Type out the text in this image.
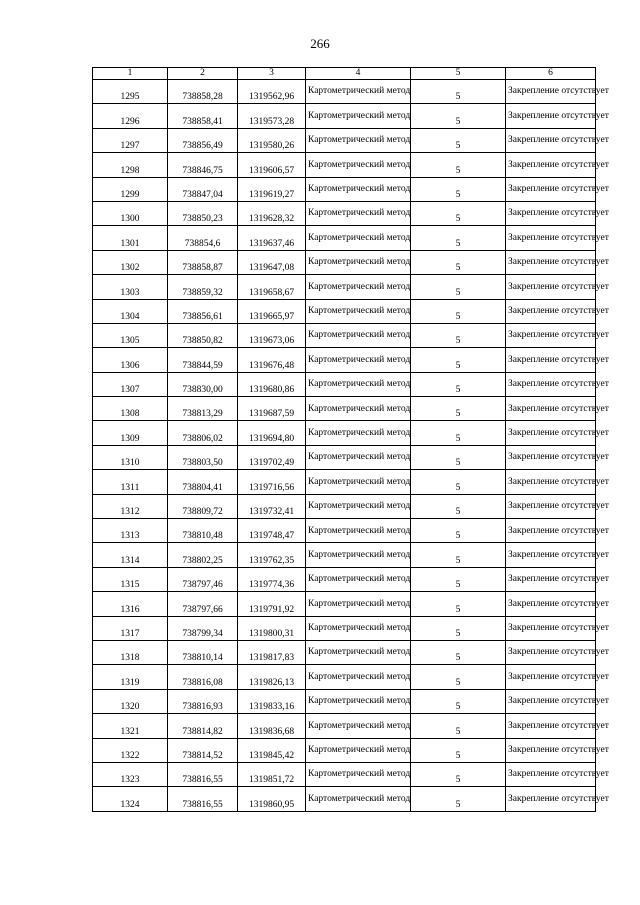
266
1	2	3	4	5	6
1295	738858,28	1319562,96	Картометрический метод	5	Закрепление отсутствует
1296	738858,41	1319573,28	Картометрический метод	5	Закрепление отсутствует
1297	738856,49	1319580,26	Картометрический метод	5	Закрепление отсутствует
1298	738846,75	1319606,57	Картометрический метод	5	Закрепление отсутствует
1299	738847,04	1319619,27	Картометрический метод	5	Закрепление отсутствует
1300	738850,23	1319628,32	Картометрический метод	5	Закрепление отсутствует
1301	738854,6	1319637,46	Картометрический метод	5	Закрепление отсутствует
1302	738858,87	1319647,08	Картометрический метод	5	Закрепление отсутствует
1303	738859,32	1319658,67	Картометрический метод	5	Закрепление отсутствует
1304	738856,61	1319665,97	Картометрический метод	5	Закрепление отсутствует
1305	738850,82	1319673,06	Картометрический метод	5	Закрепление отсутствует
1306	738844,59	1319676,48	Картометрический метод	5	Закрепление отсутствует
1307	738830,00	1319680,86	Картометрический метод	5	Закрепление отсутствует
1308	738813,29	1319687,59	Картометрический метод	5	Закрепление отсутствует
1309	738806,02	1319694,80	Картометрический метод	5	Закрепление отсутствует
1310	738803,50	1319702,49	Картометрический метод	5	Закрепление отсутствует
1311	738804,41	1319716,56	Картометрический метод	5	Закрепление отсутствует
1312	738809,72	1319732,41	Картометрический метод	5	Закрепление отсутствует
1313	738810,48	1319748,47	Картометрический метод	5	Закрепление отсутствует
1314	738802,25	1319762,35	Картометрический метод	5	Закрепление отсутствует
1315	738797,46	1319774,36	Картометрический метод	5	Закрепление отсутствует
1316	738797,66	1319791,92	Картометрический метод	5	Закрепление отсутствует
1317	738799,34	1319800,31	Картометрический метод	5	Закрепление отсутствует
1318	738810,14	1319817,83	Картометрический метод	5	Закрепление отсутствует
1319	738816,08	1319826,13	Картометрический метод	5	Закрепление отсутствует
1320	738816,93	1319833,16	Картометрический метод	5	Закрепление отсутствует
1321	738814,82	1319836,68	Картометрический метод	5	Закрепление отсутствует
1322	738814,52	1319845,42	Картометрический метод	5	Закрепление отсутствует
1323	738816,55	1319851,72	Картометрический метод	5	Закрепление отсутствует
1324	738816,55	1319860,95	Картометрический метод	5	Закрепление отсутствует
